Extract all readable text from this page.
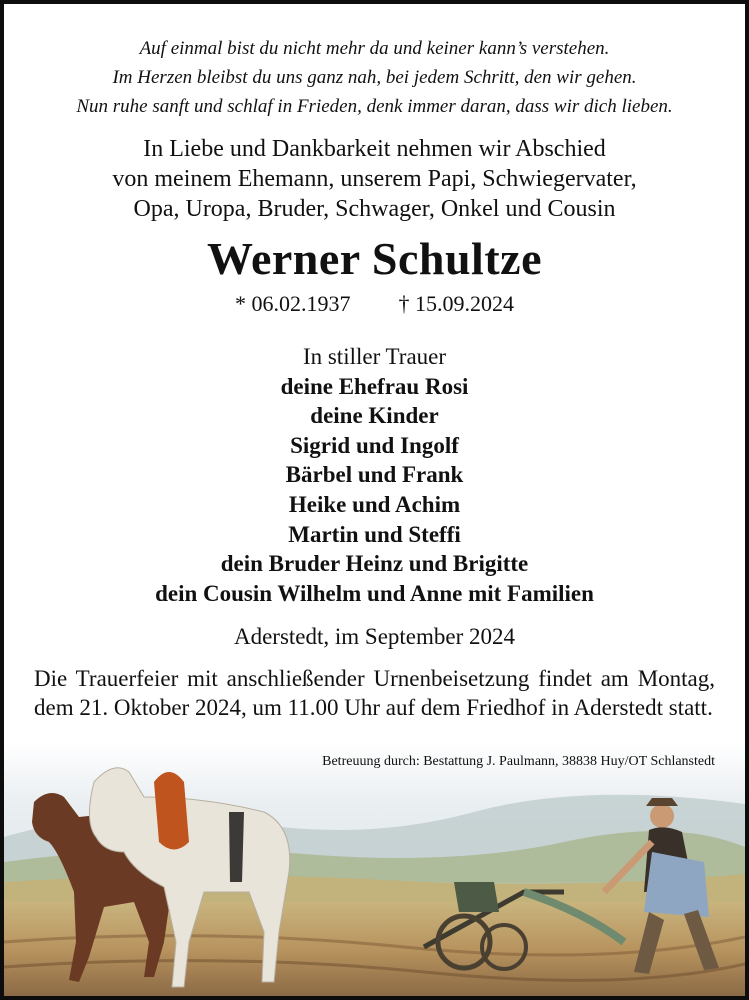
Auf einmal bist du nicht mehr da und keiner kann’s verstehen.
Im Herzen bleibst du uns ganz nah, bei jedem Schritt, den wir gehen.
Nun ruhe sanft und schlaf in Frieden, denk immer daran, dass wir dich lieben.
In Liebe und Dankbarkeit nehmen wir Abschied
von meinem Ehemann, unserem Papi, Schwiegervater,
Opa, Uropa, Bruder, Schwager, Onkel und Cousin
Werner Schultze
* 06.02.1937 † 15.09.2024
In stiller Trauer
deine Ehefrau Rosi
deine Kinder
Sigrid und Ingolf
Bärbel und Frank
Heike und Achim
Martin und Steffi
dein Bruder Heinz und Brigitte
dein Cousin Wilhelm und Anne mit Familien
Aderstedt, im September 2024
Die Trauerfeier mit anschließender Urnenbeisetzung findet am Montag, dem 21. Oktober 2024, um 11.00 Uhr auf dem Friedhof in Aderstedt statt.
Betreuung durch: Bestattung J. Paulmann, 38838 Huy/OT Schlanstedt
